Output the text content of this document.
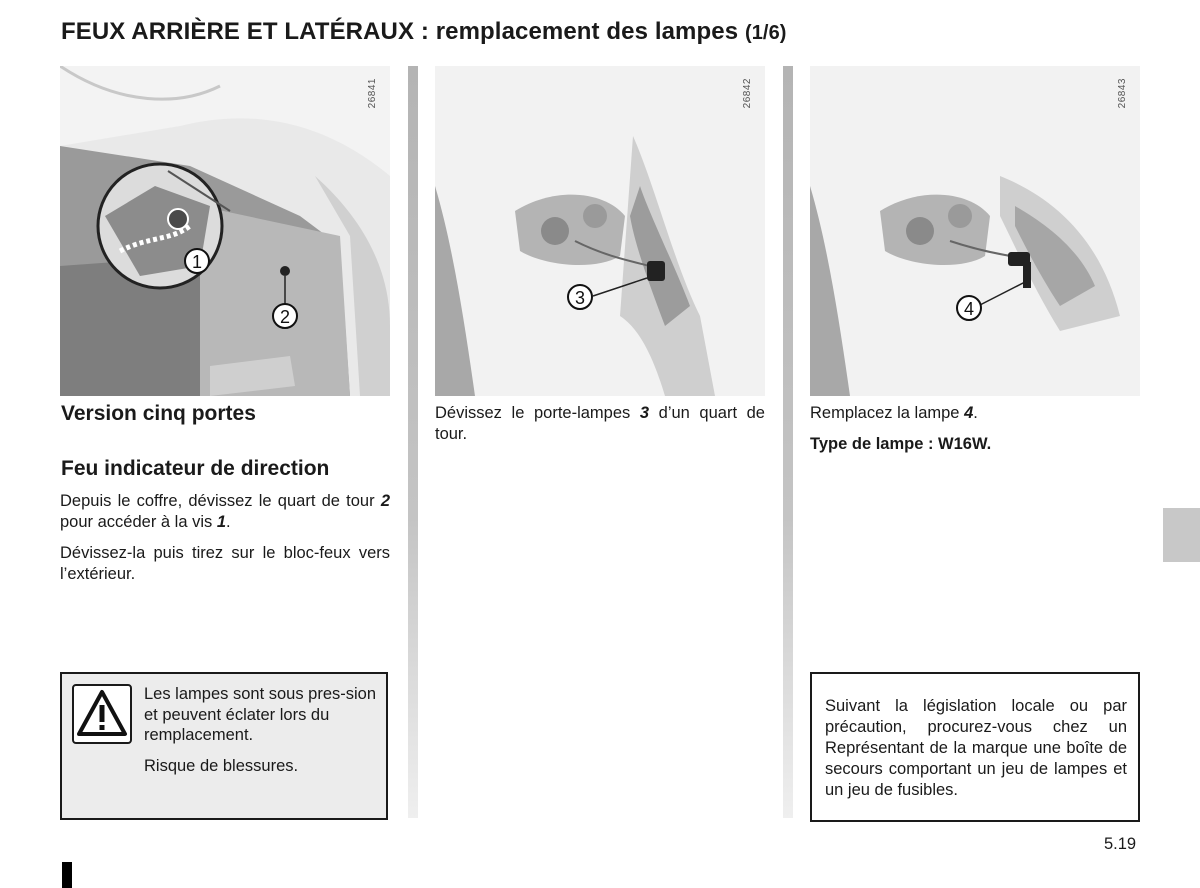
FEUX ARRIÈRE ET LATÉRAUX : remplacement des lampes (1/6)
26841	26842	26843
1
2
3
4
Version cinq portes
Feu indicateur de direction

Depuis le coffre, dévissez le quart de tour 2 pour accéder à la vis 1.

Dévissez-la puis tirez sur le bloc-feux vers l’extérieur.

Dévissez le porte-lampes 3 d’un quart de tour.

Remplacez la lampe 4.

Type de lampe : W16W.

Les lampes sont sous pres-sion et peuvent éclater lors du remplacement.

Risque de blessures.

Suivant la législation locale ou par précaution, procurez-vous chez un Représentant de la marque une boîte de secours comportant un jeu de lampes et un jeu de fusibles.

5.19
